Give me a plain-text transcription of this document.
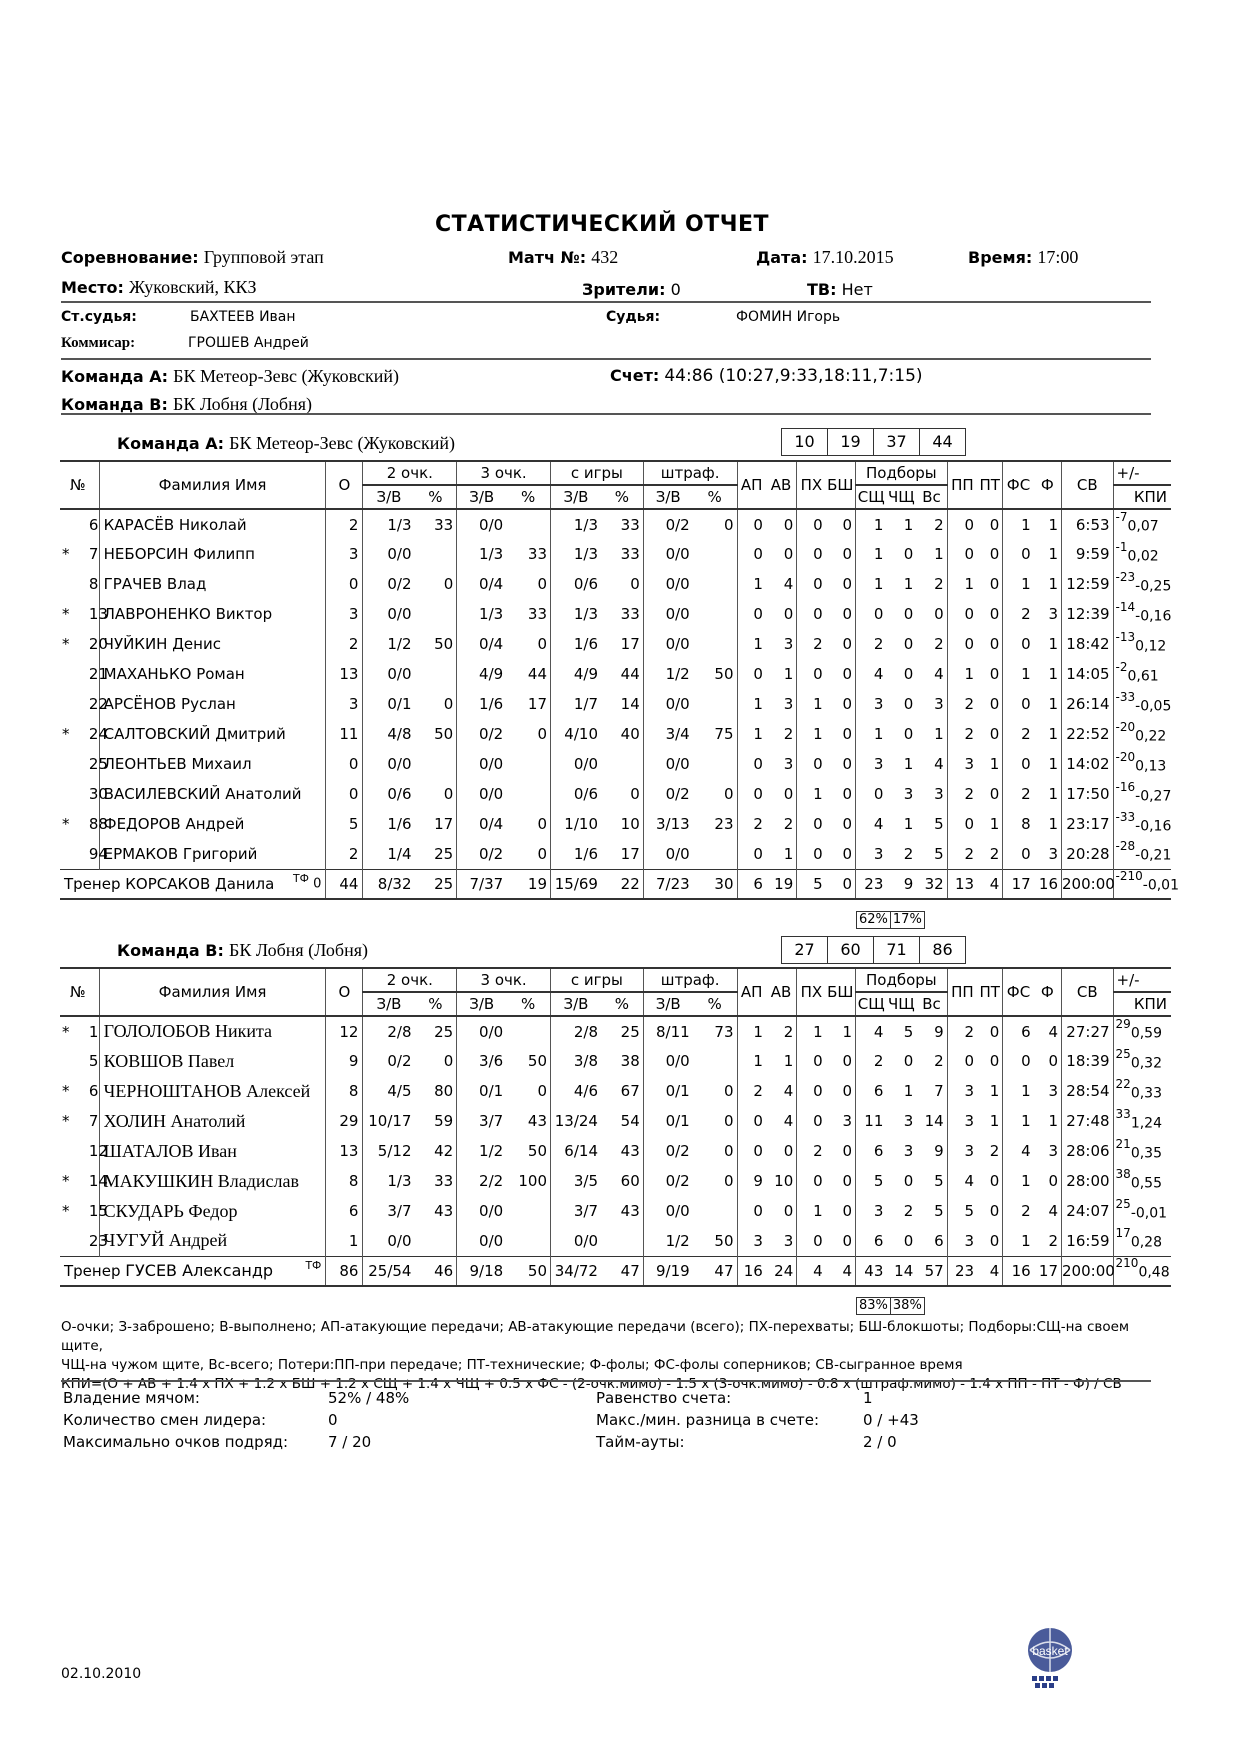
СТАТИСТИЧЕСКИЙ ОТЧЕТ
Соревнование: Групповой этап	Матч №: 432	Дата: 17.10.2015	Время: 17:00
Место: Жуковский, ККЗ	Зрители: 0	ТВ: Нет
Ст.судья:	БАХТЕЕВ Иван	Судья:	ФОМИН Игорь
Коммисар:	ГРОШЕВ Андрей
Команда А: БК Метеор-Зевс (Жуковский)	Счет: 44:86 (10:27,9:33,18:11,7:15)
Команда В: БК Лобня (Лобня)
Команда А: БК Метеор-Зевс (Жуковский)	10	19	37	44
№		Фамилия Имя	О	2 очк.		3 очк.		с игры		штраф.		АП	АВ	ПХ	БШ	Подборы			ПП	ПТ	ФС	Ф	СВ	+/-
				З/В	%	З/В	%	З/В	%	З/В	%					СЩ	ЧЩ	Вс						КПИ
	6	КАРАСЁВ Николай	2	1/3	33	0/0		1/3	33	0/2	0	0	0	0	0	1	1	2	0	0	1	1	6:53	$^{-7}$0,07
*	7	НЕБОРСИН Филипп	3	0/0		1/3	33	1/3	33	0/0		0	0	0	0	1	0	1	0	0	0	1	9:59	$^{-1}$0,02
	8	ГРАЧЕВ Влад	0	0/2	0	0/4	0	0/6	0	0/0		1	4	0	0	1	1	2	1	0	1	1	12:59	$^{-23}$-0,25
*	13	ЛАВРОНЕНКО Виктор	3	0/0		1/3	33	1/3	33	0/0		0	0	0	0	0	0	0	0	0	2	3	12:39	$^{-14}$-0,16
*	20	ЧУЙКИН Денис	2	1/2	50	0/4	0	1/6	17	0/0		1	3	2	0	2	0	2	0	0	0	1	18:42	$^{-13}$0,12
	21	МАХАНЬКО Роман	13	0/0		4/9	44	4/9	44	1/2	50	0	1	0	0	4	0	4	1	0	1	1	14:05	$^{-2}$0,61
	22	АРСЁНОВ Руслан	3	0/1	0	1/6	17	1/7	14	0/0		1	3	1	0	3	0	3	2	0	0	1	26:14	$^{-33}$-0,05
*	24	САЛТОВСКИЙ Дмитрий	11	4/8	50	0/2	0	4/10	40	3/4	75	1	2	1	0	1	0	1	2	0	2	1	22:52	$^{-20}$0,22
	25	ЛЕОНТЬЕВ Михаил	0	0/0		0/0		0/0		0/0		0	3	0	0	3	1	4	3	1	0	1	14:02	$^{-20}$0,13
	30	ВАСИЛЕВСКИЙ Анатолий	0	0/6	0	0/0		0/6	0	0/2	0	0	0	1	0	0	3	3	2	0	2	1	17:50	$^{-16}$-0,27
*	88	ФЕДОРОВ Андрей	5	1/6	17	0/4	0	1/10	10	3/13	23	2	2	0	0	4	1	5	0	1	8	1	23:17	$^{-33}$-0,16
	94	ЕРМАКОВ Григорий	2	1/4	25	0/2	0	1/6	17	0/0		0	1	0	0	3	2	5	2	2	0	3	20:28	$^{-28}$-0,21
Тренер КОРСАКОВ Данила $^{ТФ}$ 0			44	8/32	25	7/37	19	15/69	22	7/23	30	6	19	5	0	23	9	32	13	4	17	16	200:00	$^{-210}$-0,01
62% 17%
Команда В: БК Лобня (Лобня)	27	60	71	86
№		Фамилия Имя	О	2 очк.		3 очк.		с игры		штраф.		АП	АВ	ПХ	БШ	Подборы			ПП	ПТ	ФС	Ф	СВ	+/-
				З/В	%	З/В	%	З/В	%	З/В	%					СЩ	ЧЩ	Вс						КПИ
*	1	ГОЛОЛОБОВ Никита	12	2/8	25	0/0		2/8	25	8/11	73	1	2	1	1	4	5	9	2	0	6	4	27:27	$^{29}$0,59
	5	КОВШОВ Павел	9	0/2	0	3/6	50	3/8	38	0/0		1	1	0	0	2	0	2	0	0	0	0	18:39	$^{25}$0,32
*	6	ЧЕРНОШТАНОВ Алексей	8	4/5	80	0/1	0	4/6	67	0/1	0	2	4	0	0	6	1	7	3	1	1	3	28:54	$^{22}$0,33
*	7	ХОЛИН Анатолий	29	10/17	59	3/7	43	13/24	54	0/1	0	0	4	0	3	11	3	14	3	1	1	1	27:48	$^{33}$1,24
	12	ШАТАЛОВ Иван	13	5/12	42	1/2	50	6/14	43	0/2	0	0	0	2	0	6	3	9	3	2	4	3	28:06	$^{21}$0,35
*	14	МАКУШКИН Владислав	8	1/3	33	2/2	100	3/5	60	0/2	0	9	10	0	0	5	0	5	4	0	1	0	28:00	$^{38}$0,55
*	15	СКУДАРЬ Федор	6	3/7	43	0/0		3/7	43	0/0		0	0	1	0	3	2	5	5	0	2	4	24:07	$^{25}$-0,01
	23	ЧУГУЙ Андрей	1	0/0		0/0		0/0		1/2	50	3	3	0	0	6	0	6	3	0	1	2	16:59	$^{17}$0,28
Тренер ГУСЕВ Александр $^{ТФ}$			86	25/54	46	9/18	50	34/72	47	9/19	47	16	24	4	4	43	14	57	23	4	16	17	200:00	$^{210}$0,48
83% 38%
О-очки; З-заброшено; В-выполнено; АП-атакующие передачи; АВ-атакующие передачи (всего); ПХ-перехваты; БШ-блокшоты; Подборы:СЩ-на своем щите,
ЧЩ-на чужом щите, Вс-всего; Потери:ПП-при передаче; ПТ-технические; Ф-фолы; ФС-фолы соперников; СВ-сыгранное время
КПИ=(О + АВ + 1.4 х ПХ + 1.2 х БШ + 1.2 х СЩ + 1.4 х ЧЩ + 0.5 х ФС - (2-очк.мимо) - 1.5 х (3-очк.мимо) - 0.8 х (штраф.мимо) - 1.4 х ПП - ПТ - Ф) / СВ
Владение мячом:	52% / 48%	Равенство счета:	1
Количество смен лидера:	0	Макс./мин. разница в счете:	0 / +43
Максимально очков подряд:	7 / 20	Тайм-ауты:	2 / 0
02.10.2010
basket
